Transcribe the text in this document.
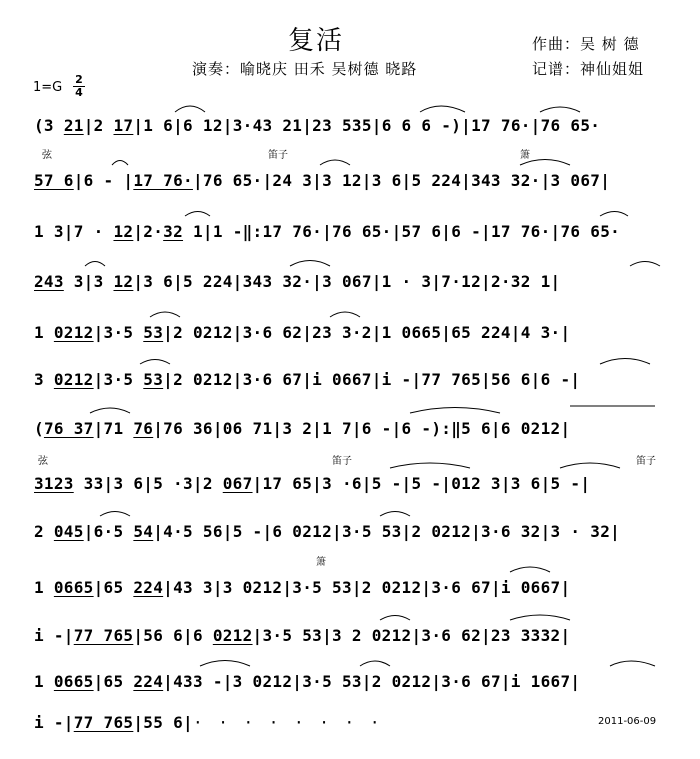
复活
演奏：喻晓庆 田禾 吴树德 晓路
作曲：吴 树 德
记谱：神仙姐姐
1=G
2
4
弦	笛子	箫
弦	笛子	笛子
箫
(3 21|2 17|1 6|6 12|3·43 21|23 535|6 6 6 -)|17 76·|76 65·
57 6|6 - |17 76·|76 65·|24 3|3 12|3 6|5 224|343 32·|3 067|
1 3|7 · 12|2·32 1|1 -‖:17 76·|76 65·|57 6|6 -|17 76·|76 65·
243 3|3 12|3 6|5 224|343 32·|3 067|1 · 3|7·12|2·32 1|
1 0212|3·5 53|2 0212|3·6 62|23 3·2|1 0665|65 224|4 3·|
3 0212|3·5 53|2 0212|3·6 67|i 0667|i -|77 765|56 6|6 -|
(76 37|71 76|76 36|06 71|3 2|1 7|6 -|6 -):‖5 6|6 0212|
3123 33|3 6|5 ·3|2 067|17 65|3 ·6|5 -|5 -|012 3|3 6|5 -|
2 045|6·5 54|4·5 56|5 -|6 0212|3·5 53|2 0212|3·6 32|3 · 32|
1 0665|65 224|43 3|3 0212|3·5 53|2 0212|3·6 67|i 0667|
i -|77 765|56 6|6 0212|3·5 53|3 2 0212|3·6 62|23 3332|
1 0665|65 224|433 -|3 0212|3·5 53|2 0212|3·6 67|i 1667|
i -|77 765|55 6|· · · · · · · ·	2011-06-09
